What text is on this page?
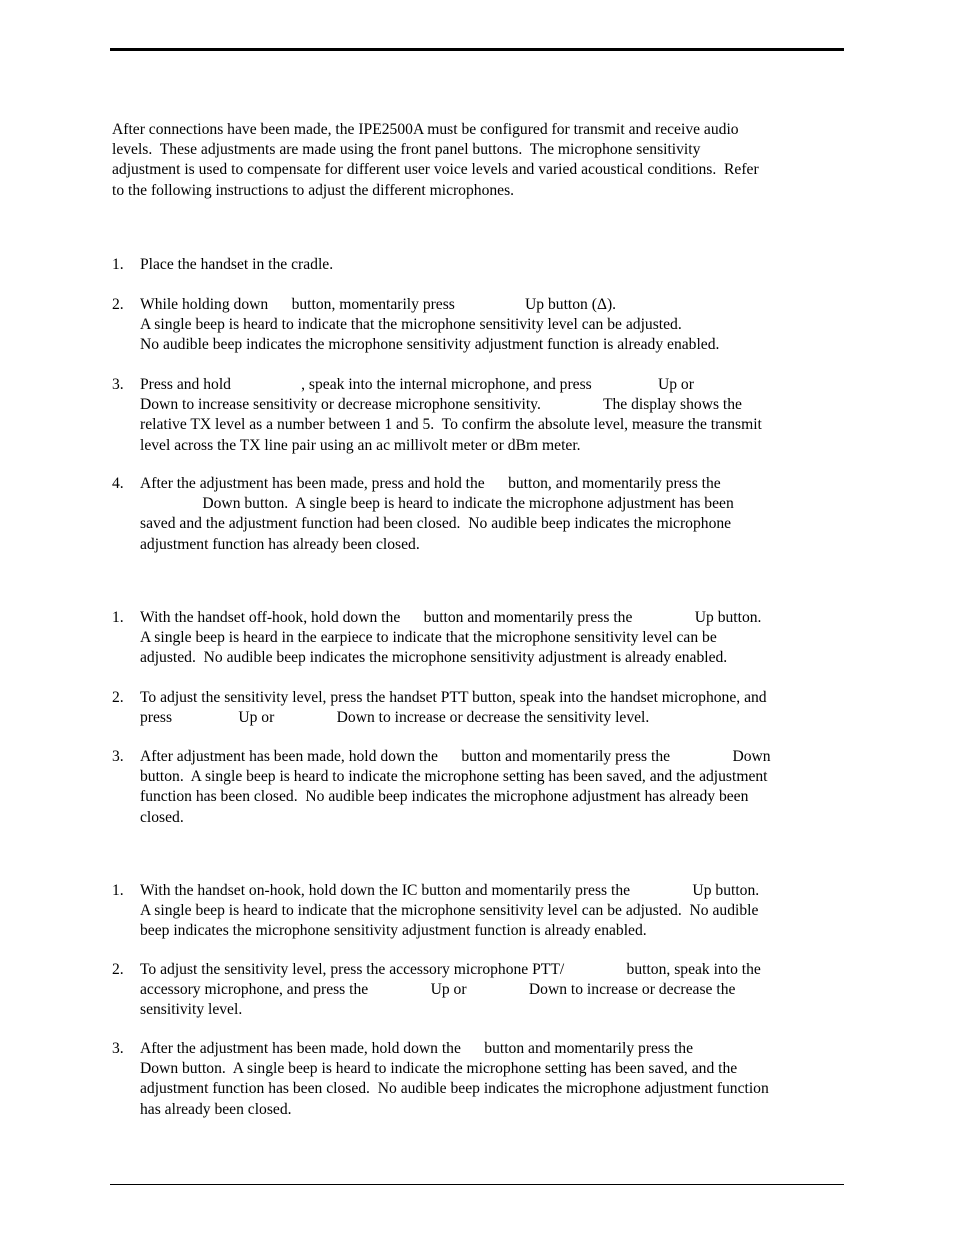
After connections have been made, the IPE2500A must be configured for transmit and receive audio
levels.  These adjustments are made using the front panel buttons.  The microphone sensitivity
adjustment is used to compensate for different user voice levels and varied acoustical conditions.  Refer
to the following instructions to adjust the different microphones.
1.	Place the handset in the cradle.
2.	While holding down      button, momentarily press                  Up button (Δ).
A single beep is heard to indicate that the microphone sensitivity level can be adjusted.
No audible beep indicates the microphone sensitivity adjustment function is already enabled.
3.	Press and hold                  , speak into the internal microphone, and press                 Up or
Down to increase sensitivity or decrease microphone sensitivity.                The display shows the
relative TX level as a number between 1 and 5.  To confirm the absolute level, measure the transmit
level across the TX line pair using an ac millivolt meter or dBm meter.
4.	After the adjustment has been made, press and hold the      button, and momentarily press the
Down button.  A single beep is heard to indicate the microphone adjustment has been
saved and the adjustment function had been closed.  No audible beep indicates the microphone
adjustment function has already been closed.
1.	With the handset off-hook, hold down the      button and momentarily press the                Up button.
A single beep is heard in the earpiece to indicate that the microphone sensitivity level can be
adjusted.  No audible beep indicates the microphone sensitivity adjustment is already enabled.
2.	To adjust the sensitivity level, press the handset PTT button, speak into the handset microphone, and
press                 Up or                Down to increase or decrease the sensitivity level.
3.	After adjustment has been made, hold down the      button and momentarily press the                Down
button.  A single beep is heard to indicate the microphone setting has been saved, and the adjustment
function has been closed.  No audible beep indicates the microphone adjustment has already been
closed.
1.	With the handset on-hook, hold down the IC button and momentarily press the                Up button.
A single beep is heard to indicate that the microphone sensitivity level can be adjusted.  No audible
beep indicates the microphone sensitivity adjustment function is already enabled.
2.	To adjust the sensitivity level, press the accessory microphone PTT/                button, speak into the
accessory microphone, and press the                Up or                Down to increase or decrease the
sensitivity level.
3.	After the adjustment has been made, hold down the      button and momentarily press the
Down button.  A single beep is heard to indicate the microphone setting has been saved, and the
adjustment function has been closed.  No audible beep indicates the microphone adjustment function
has already been closed.
